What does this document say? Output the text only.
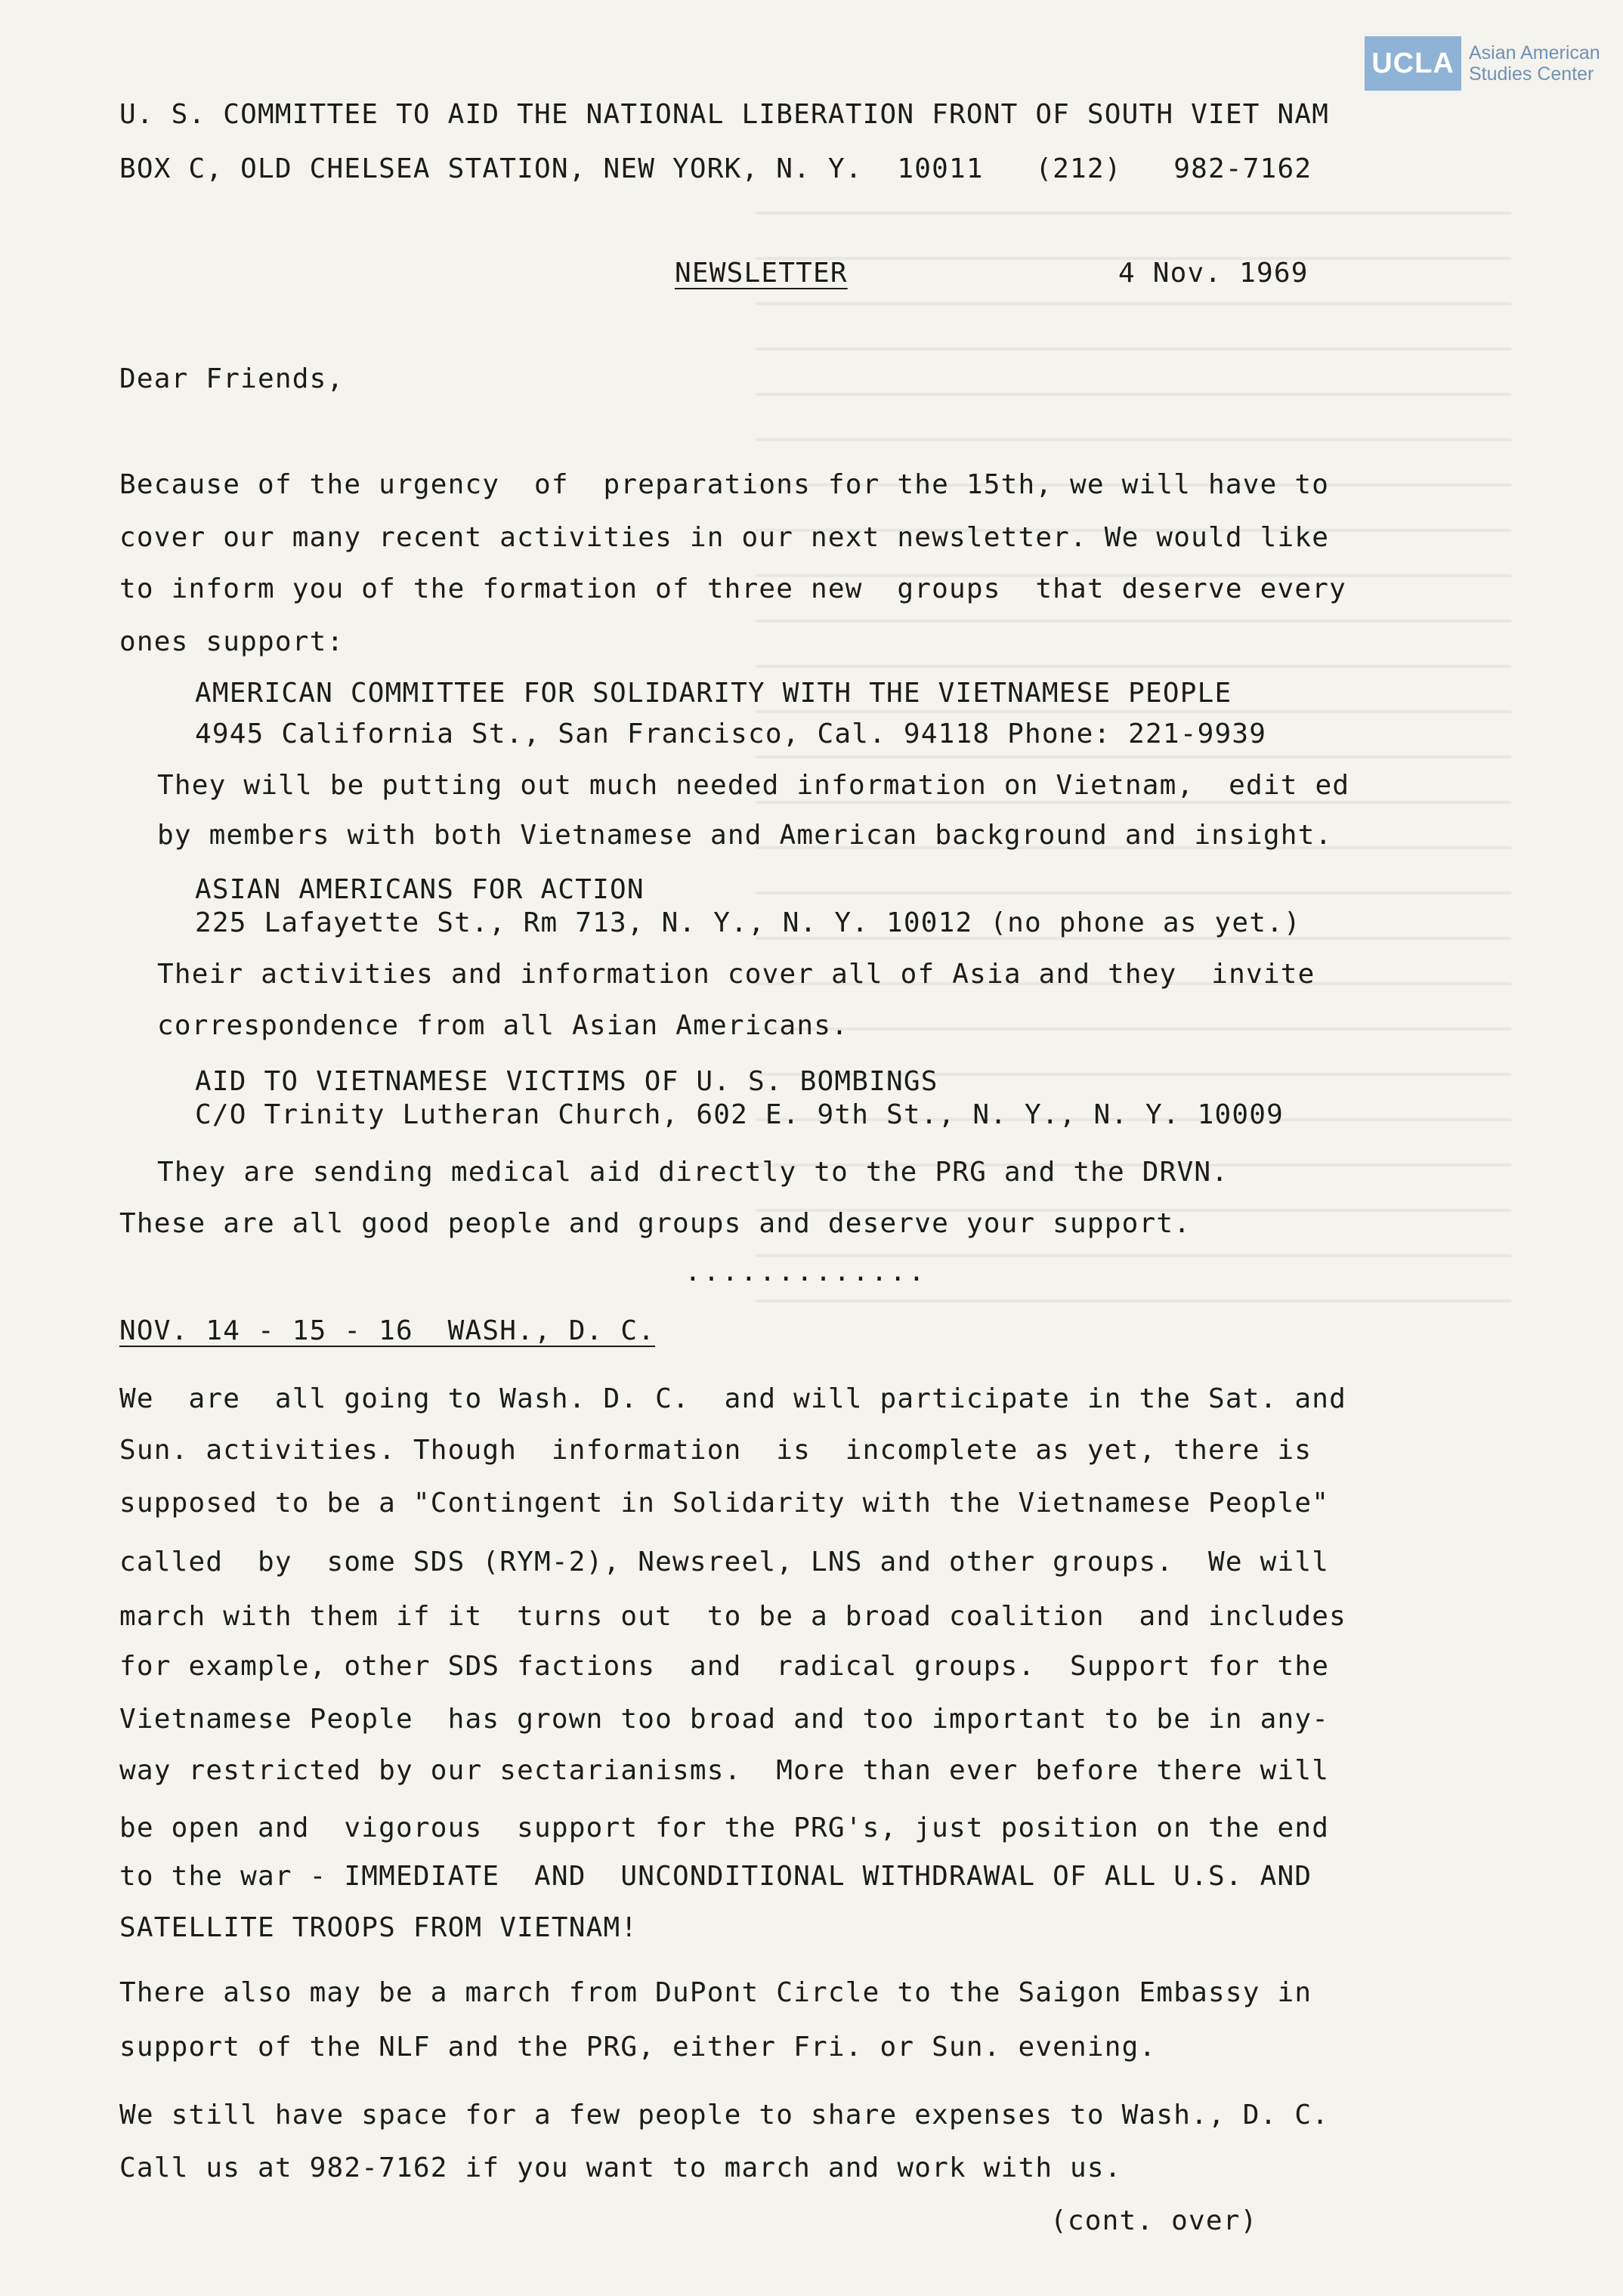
UCLA Asian American
Studies Center
U. S. COMMITTEE TO AID THE NATIONAL LIBERATION FRONT OF SOUTH VIET NAM
BOX C, OLD CHELSEA STATION, NEW YORK, N. Y.  10011   (212)   982-7162
NEWSLETTER	4 Nov. 1969
Dear Friends,
Because of the urgency  of  preparations for the 15th, we will have to
cover our many recent activities in our next newsletter. We would like
to inform you of the formation of three new  groups  that deserve every
ones support:
AMERICAN COMMITTEE FOR SOLIDARITY WITH THE VIETNAMESE PEOPLE
4945 California St., San Francisco, Cal. 94118 Phone: 221-9939
They will be putting out much needed information on Vietnam,  edit ed
by members with both Vietnamese and American background and insight.
ASIAN AMERICANS FOR ACTION
225 Lafayette St., Rm 713, N. Y., N. Y. 10012 (no phone as yet.)
Their activities and information cover all of Asia and they  invite
correspondence from all Asian Americans.
AID TO VIETNAMESE VICTIMS OF U. S. BOMBINGS
C/O Trinity Lutheran Church, 602 E. 9th St., N. Y., N. Y. 10009
They are sending medical aid directly to the PRG and the DRVN.
These are all good people and groups and deserve your support.
.............
NOV. 14 - 15 - 16  WASH., D. C.
We  are  all going to Wash. D. C.  and will participate in the Sat. and
Sun. activities. Though  information  is  incomplete as yet, there is
supposed to be a "Contingent in Solidarity with the Vietnamese People"
called  by  some SDS (RYM-2), Newsreel, LNS and other groups.  We will
march with them if it  turns out  to be a broad coalition  and includes
for example, other SDS factions  and  radical groups.  Support for the
Vietnamese People  has grown too broad and too important to be in any-
way restricted by our sectarianisms.  More than ever before there will
be open and  vigorous  support for the PRG's, just position on the end
to the war - IMMEDIATE  AND  UNCONDITIONAL WITHDRAWAL OF ALL U.S. AND
SATELLITE TROOPS FROM VIETNAM!
There also may be a march from DuPont Circle to the Saigon Embassy in
support of the NLF and the PRG, either Fri. or Sun. evening.
We still have space for a few people to share expenses to Wash., D. C.
Call us at 982-7162 if you want to march and work with us.
(cont. over)
